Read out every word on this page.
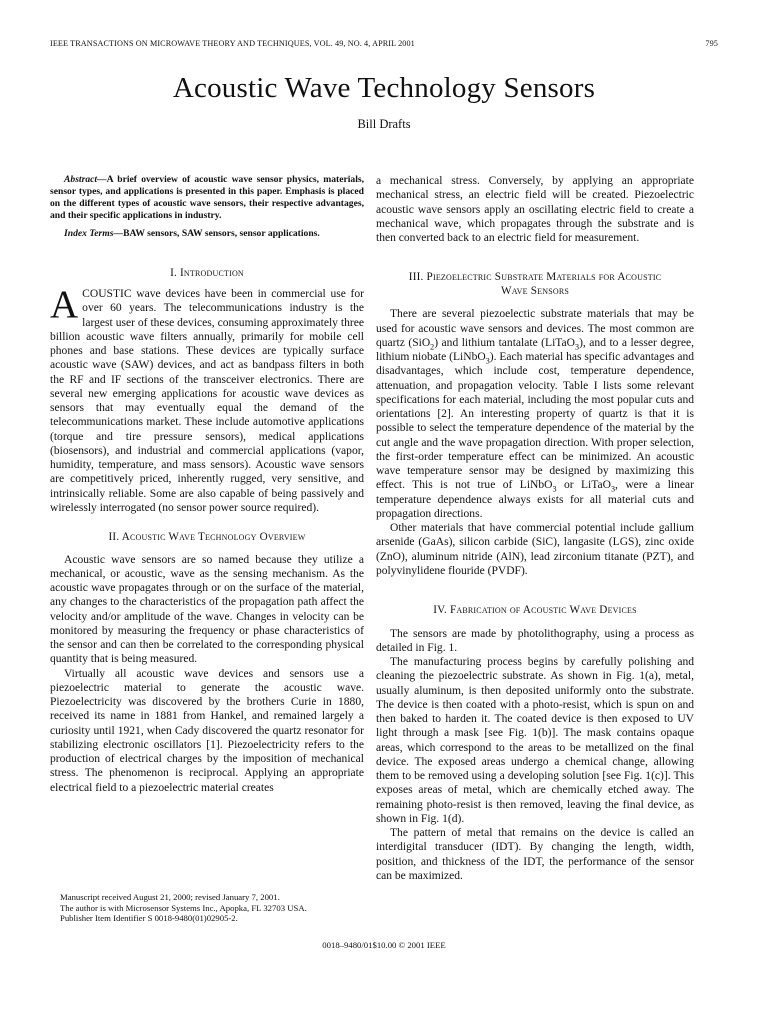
IEEE TRANSACTIONS ON MICROWAVE THEORY AND TECHNIQUES, VOL. 49, NO. 4, APRIL 2001	795
Acoustic Wave Technology Sensors
Bill Drafts

Abstract—A brief overview of acoustic wave sensor physics, materials, sensor types, and applications is presented in this paper. Emphasis is placed on the different types of acoustic wave sensors, their respective advantages, and their specific applications in industry.

Index Terms—BAW sensors, SAW sensors, sensor applications.

I. Introduction

ACOUSTIC wave devices have been in commercial use for over 60 years. The telecommunications industry is the largest user of these devices, consuming approximately three billion acoustic wave filters annually, primarily for mobile cell phones and base stations. These devices are typically surface acoustic wave (SAW) devices, and act as bandpass filters in both the RF and IF sections of the transceiver electronics. There are several new emerging applications for acoustic wave devices as sensors that may eventually equal the demand of the telecommunications market. These include automotive applications (torque and tire pressure sensors), medical applications (biosensors), and industrial and commercial applications (vapor, humidity, temperature, and mass sensors). Acoustic wave sensors are competitively priced, inherently rugged, very sensitive, and intrinsically reliable. Some are also capable of being passively and wirelessly interrogated (no sensor power source required).

II. Acoustic Wave Technology Overview

Acoustic wave sensors are so named because they utilize a mechanical, or acoustic, wave as the sensing mechanism. As the acoustic wave propagates through or on the surface of the material, any changes to the characteristics of the propagation path affect the velocity and/or amplitude of the wave. Changes in velocity can be monitored by measuring the frequency or phase characteristics of the sensor and can then be correlated to the corresponding physical quantity that is being measured.

Virtually all acoustic wave devices and sensors use a piezoelectric material to generate the acoustic wave. Piezoelectricity was discovered by the brothers Curie in 1880, received its name in 1881 from Hankel, and remained largely a curiosity until 1921, when Cady discovered the quartz resonator for stabilizing electronic oscillators [1]. Piezoelectricity refers to the production of electrical charges by the imposition of mechanical stress. The phenomenon is reciprocal. Applying an appropriate electrical field to a piezoelectric material creates

a mechanical stress. Conversely, by applying an appropriate mechanical stress, an electric field will be created. Piezoelectric acoustic wave sensors apply an oscillating electric field to create a mechanical wave, which propagates through the substrate and is then converted back to an electric field for measurement.

III. Piezoelectric Substrate Materials for Acoustic
Wave Sensors

There are several piezoelectic substrate materials that may be used for acoustic wave sensors and devices. The most common are quartz (SiO$_2$) and lithium tantalate (LiTaO$_3$), and to a lesser degree, lithium niobate (LiNbO$_3$). Each material has specific advantages and disadvantages, which include cost, temperature dependence, attenuation, and propagation velocity. Table I lists some relevant specifications for each material, including the most popular cuts and orientations [2]. An interesting property of quartz is that it is possible to select the temperature dependence of the material by the cut angle and the wave propagation direction. With proper selection, the first-order temperature effect can be minimized. An acoustic wave temperature sensor may be designed by maximizing this effect. This is not true of LiNbO$_3$ or LiTaO$_3$, were a linear temperature dependence always exists for all material cuts and propagation directions.

Other materials that have commercial potential include gallium arsenide (GaAs), silicon carbide (SiC), langasite (LGS), zinc oxide (ZnO), aluminum nitride (AlN), lead zirconium titanate (PZT), and polyvinylidene flouride (PVDF).

IV. Fabrication of Acoustic Wave Devices

The sensors are made by photolithography, using a process as detailed in Fig. 1.

The manufacturing process begins by carefully polishing and cleaning the piezoelectric substrate. As shown in Fig. 1(a), metal, usually aluminum, is then deposited uniformly onto the substrate. The device is then coated with a photo-resist, which is spun on and then baked to harden it. The coated device is then exposed to UV light through a mask [see Fig. 1(b)]. The mask contains opaque areas, which correspond to the areas to be metallized on the final device. The exposed areas undergo a chemical change, allowing them to be removed using a developing solution [see Fig. 1(c)]. This exposes areas of metal, which are chemically etched away. The remaining photo-resist is then removed, leaving the final device, as shown in Fig. 1(d).

The pattern of metal that remains on the device is called an interdigital transducer (IDT). By changing the length, width, position, and thickness of the IDT, the performance of the sensor can be maximized.

Manuscript received August 21, 2000; revised January 7, 2001.
The author is with Microsensor Systems Inc., Apopka, FL 32703 USA.
Publisher Item Identifier S 0018-9480(01)02905-2.
0018–9480/01$10.00 © 2001 IEEE
